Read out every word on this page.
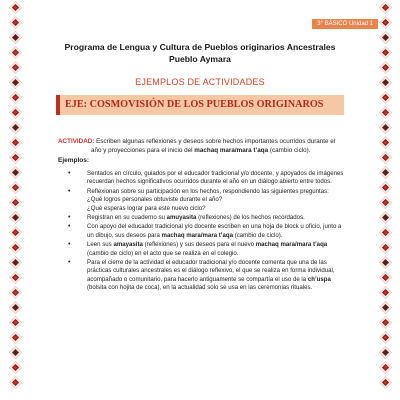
3° BÁSICO Unidad 1
Programa de Lengua y Cultura de Pueblos originarios Ancestrales
Pueblo Aymara
EJEMPLOS DE ACTIVIDADES
EJE: COSMOVISIÓN DE LOS PUEBLOS ORIGINAROS
ACTIVIDAD: Escriben algunas reflexiones y deseos sobre hechos importantes ocurridos durante el
año y proyecciones para el inicio del machaq mara/mara t’aqa (cambio ciclo).
Ejemplos:
• Sentados en círculo, guiados por el educador tradicional y/o docente, y apoyados de imágenes recuerdan hechos significativos ocurridos durante el año en un diálogo abierto entre todos.
• Reflexionan sobre su participación en los hechos, respondiendo las siguientes preguntas:
¿Qué logros personales obtuviste durante el año?
¿Qué esperas lograr para este nuevo ciclo?
• Registran en su cuaderno su amuyasita (reflexiones) de los hechos recordados.
• Con apoyo del educador tradicional y/o docente escriben en una hoja de block u oficio, junto a un dibujo, sus deseos para machaq mara/mara t’aqa (cambio de ciclo).
• Leen sus amayasita (reflexiones) y sus deseos para el nuevo machaq mara/mara t’aqa (cambio de ciclo) en el acto que se realiza en el colegio.
• Para el cierre de la actividad el educador tradicional y/o docente comenta que una de las prácticas culturales ancestrales es el diálogo reflexivo, el que se realiza en forma individual, acompañado o comunitario, para hacerlo antiguamente se compartía el uso de la ch’uspa (bolsita con hojita de coca), en la actualidad solo se usa en las ceremonias rituales.
